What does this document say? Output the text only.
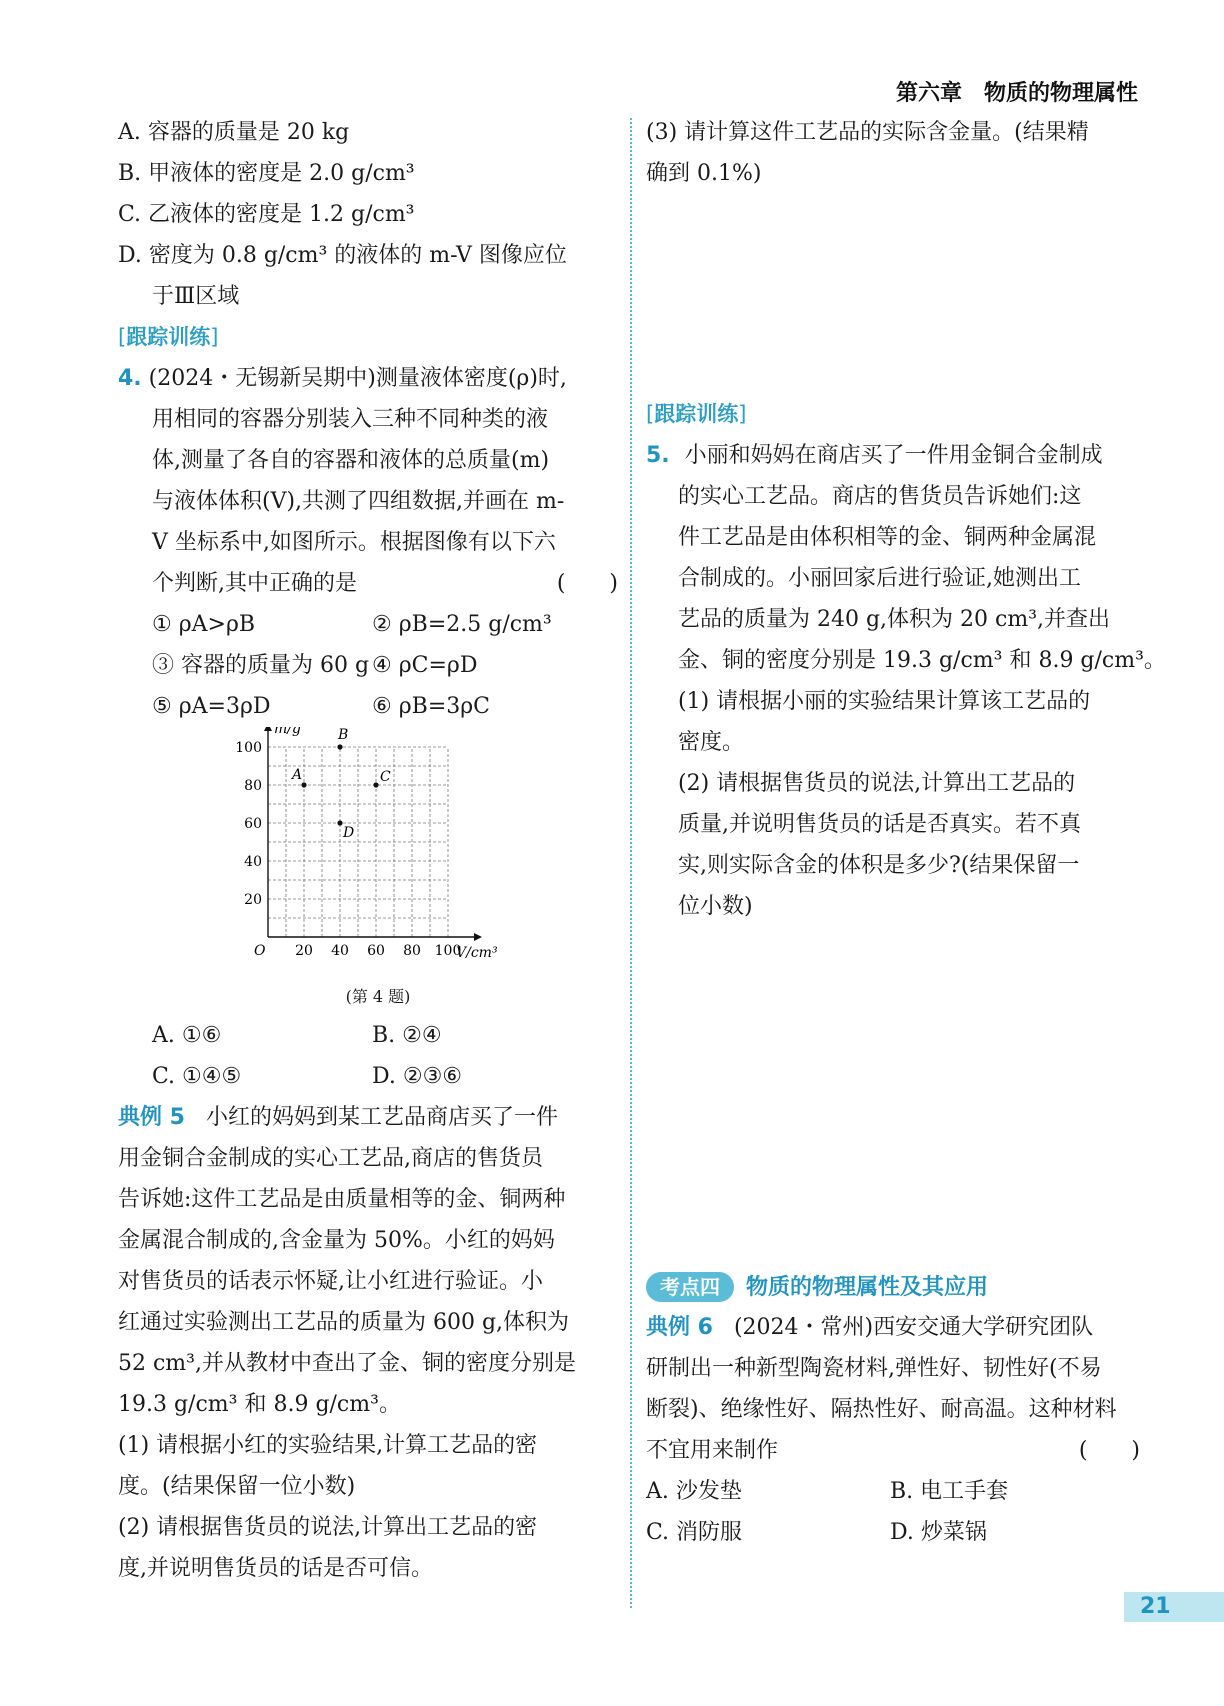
第六章　物质的物理属性
A. 容器的质量是 20 kg
B. 甲液体的密度是 2.0 g/cm³
C. 乙液体的密度是 1.2 g/cm³
D. 密度为 0.8 g/cm³ 的液体的 m-V 图像应位
于Ⅲ区域
[跟踪训练]
4. (2024・无锡新吴期中)测量液体密度(ρ)时,
用相同的容器分别装入三种不同种类的液
体,测量了各自的容器和液体的总质量(m)
与液体体积(V),共测了四组数据,并画在 m-
V 坐标系中,如图所示。根据图像有以下六
个判断,其中正确的是	(　　)
① ρA>ρB	② ρB=2.5 g/cm³
③ 容器的质量为 60 g ④ ρC=ρD
⑤ ρA=3ρD	⑥ ρB=3ρC
m/g
V/cm³
O 20 40 60 80 100
20
40
60
80
100
A
B
C
D
(第 4 题)
A. ①⑥	B. ②④
C. ①④⑤	D. ②③⑥
典例 5 小红的妈妈到某工艺品商店买了一件
用金铜合金制成的实心工艺品,商店的售货员
告诉她:这件工艺品是由质量相等的金、铜两种
金属混合制成的,含金量为 50%。小红的妈妈
对售货员的话表示怀疑,让小红进行验证。小
红通过实验测出工艺品的质量为 600 g,体积为
52 cm³,并从教材中查出了金、铜的密度分别是
19.3 g/cm³ 和 8.9 g/cm³。
(1) 请根据小红的实验结果,计算工艺品的密
度。(结果保留一位小数)
(2) 请根据售货员的说法,计算出工艺品的密
度,并说明售货员的话是否可信。
(3) 请计算这件工艺品的实际含金量。(结果精
确到 0.1%)
[跟踪训练]
5. 小丽和妈妈在商店买了一件用金铜合金制成
的实心工艺品。商店的售货员告诉她们:这
件工艺品是由体积相等的金、铜两种金属混
合制成的。小丽回家后进行验证,她测出工
艺品的质量为 240 g,体积为 20 cm³,并查出
金、铜的密度分别是 19.3 g/cm³ 和 8.9 g/cm³。
(1) 请根据小丽的实验结果计算该工艺品的
密度。
(2) 请根据售货员的说法,计算出工艺品的
质量,并说明售货员的话是否真实。若不真
实,则实际含金的体积是多少?(结果保留一
位小数)
考点四	物质的物理属性及其应用
典例 6 (2024・常州)西安交通大学研究团队
研制出一种新型陶瓷材料,弹性好、韧性好(不易
断裂)、绝缘性好、隔热性好、耐高温。这种材料
不宜用来制作	(　　)
A. 沙发垫	B. 电工手套
C. 消防服	D. 炒菜锅
21
